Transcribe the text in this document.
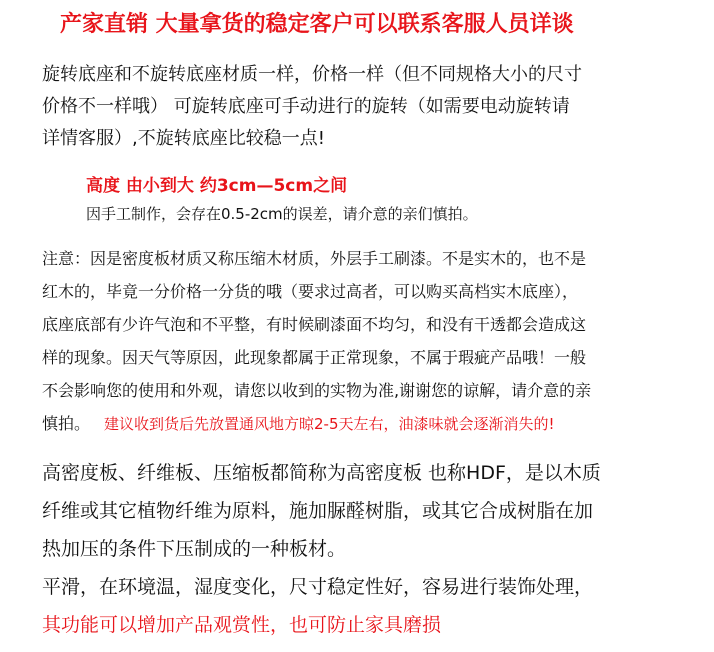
产家直销 大量拿货的稳定客户可以联系客服人员详谈
旋转底座和不旋转底座材质一样，价格一样（但不同规格大小的尺寸
价格不一样哦） 可旋转底座可手动进行的旋转（如需要电动旋转请
详情客服）,不旋转底座比较稳一点!
高度 由小到大 约3cm—5cm之间
因手工制作，会存在0.5-2cm的误差，请介意的亲们慎拍。
注意：因是密度板材质又称压缩木材质，外层手工刷漆。不是实木的，也不是
红木的，毕竟一分价格一分货的哦（要求过高者，可以购买高档实木底座），
底座底部有少许气泡和不平整，有时候刷漆面不均匀，和没有干透都会造成这
样的现象。因天气等原因，此现象都属于正常现象，不属于瑕疵产品哦！一般
不会影响您的使用和外观，请您以收到的实物为准,谢谢您的谅解，请介意的亲
慎拍。 建议收到货后先放置通风地方晾2-5天左右，油漆味就会逐渐消失的!
高密度板、纤维板、压缩板都简称为高密度板 也称HDF，是以木质
纤维或其它植物纤维为原料，施加脲醛树脂，或其它合成树脂在加
热加压的条件下压制成的一种板材。
平滑，在环境温，湿度变化，尺寸稳定性好，容易进行装饰处理，
其功能可以增加产品观赏性，也可防止家具磨损
